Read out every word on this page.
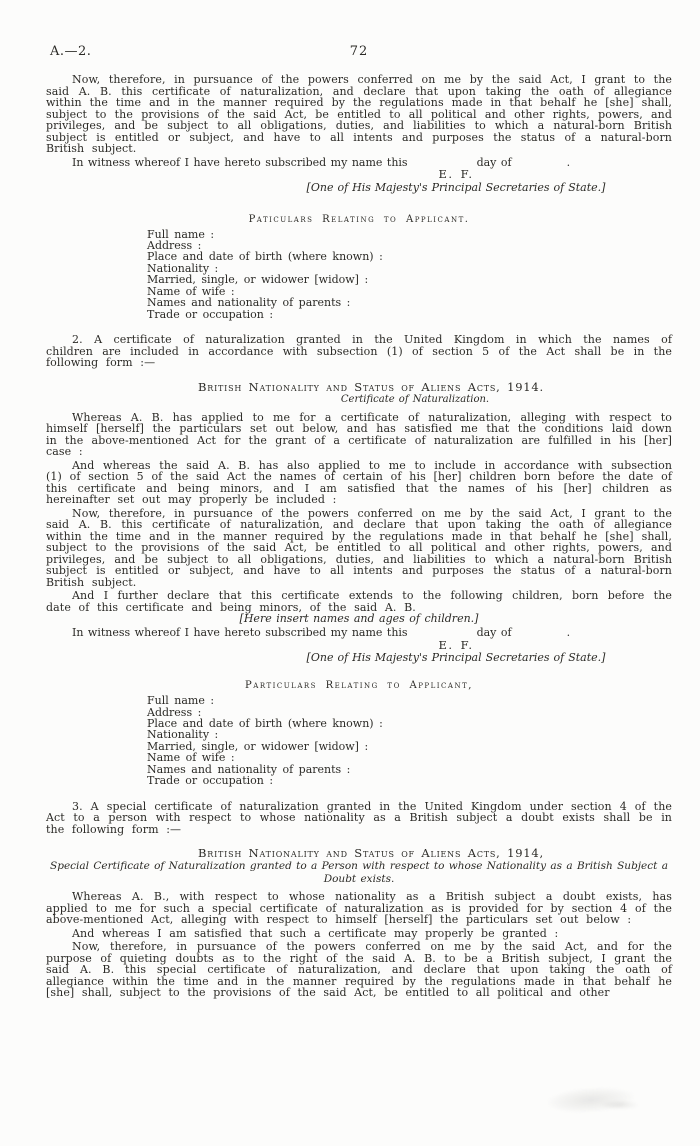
A.—2.	72

Now, therefore, in pursuance of the powers conferred on me by the said Act, I grant to the said A. B. this certificate of naturalization, and declare that upon taking the oath of allegiance within the time and in the manner required by the regulations made in that behalf he [she] shall, subject to the provisions of the said Act, be entitled to all political and other rights, powers, and privileges, and be subject to all obligations, duties, and liabilities to which a natural-born British subject is entitled or subject, and have to all intents and purposes the status of a natural-born British subject.

In witness whereof I have hereto subscribed my name this	day of	.
E. F.
[One of His Majesty's Principal Secretaries of State.]
Paticulars Relating to Applicant.
Full name :
Address :
Place and date of birth (where known) :
Nationality :
Married, single, or widower [widow] :
Name of wife :
Names and nationality of parents :
Trade or occupation :

2. A certificate of naturalization granted in the United Kingdom in which the names of children are included in accordance with subsection (1) of section 5 of the Act shall be in the following form :—

British Nationality and Status of Aliens Acts, 1914.
Certificate of Naturalization.

Whereas A. B. has applied to me for a certificate of naturalization, alleging with respect to himself [herself] the particulars set out below, and has satisfied me that the conditions laid down in the above-mentioned Act for the grant of a certificate of naturalization are fulfilled in his [her] case :

And whereas the said A. B. has also applied to me to include in accordance with subsection (1) of section 5 of the said Act the names of certain of his [her] children born before the date of this certificate and being minors, and I am satisfied that the names of his [her] children as hereinafter set out may properly be included :

Now, therefore, in pursuance of the powers conferred on me by the said Act, I grant to the said A. B. this certificate of naturalization, and declare that upon taking the oath of allegiance within the time and in the manner required by the regulations made in that behalf he [she] shall, subject to the provisions of the said Act, be entitled to all political and other rights, powers, and privileges, and be subject to all obligations, duties, and liabilities to which a natural-born British subject is entitled or subject, and have to all intents and purposes the status of a natural-born British subject.

And I further declare that this certificate extends to the following children, born before the date of this certificate and being minors, of the said A. B.

[Here insert names and ages of children.]
In witness whereof I have hereto subscribed my name this	day of	.
E. F.
[One of His Majesty's Principal Secretaries of State.]
Particulars Relating to Applicant,
Full name :
Address :
Place and date of birth (where known) :
Nationality :
Married, single, or widower [widow] :
Name of wife :
Names and nationality of parents :
Trade or occupation :

3. A special certificate of naturalization granted in the United Kingdom under section 4 of the Act to a person with respect to whose nationality as a British subject a doubt exists shall be in the following form :—

British Nationality and Status of Aliens Acts, 1914,
Special Certificate of Naturalization granted to a Person with respect to whose Nationality as a British Subject a Doubt exists.

Whereas A. B., with respect to whose nationality as a British subject a doubt exists, has applied to me for such a special certificate of naturalization as is provided for by section 4 of the above-mentioned Act, alleging with respect to himself [herself] the particulars set out below :

And whereas I am satisfied that such a certificate may properly be granted :

Now, therefore, in pursuance of the powers conferred on me by the said Act, and for the purpose of quieting doubts as to the right of the said A. B. to be a British subject, I grant the said A. B. this special certificate of naturalization, and declare that upon taking the oath of allegiance within the time and in the manner required by the regulations made in that behalf he [she] shall, subject to the provisions of the said Act, be entitled to all political and other
